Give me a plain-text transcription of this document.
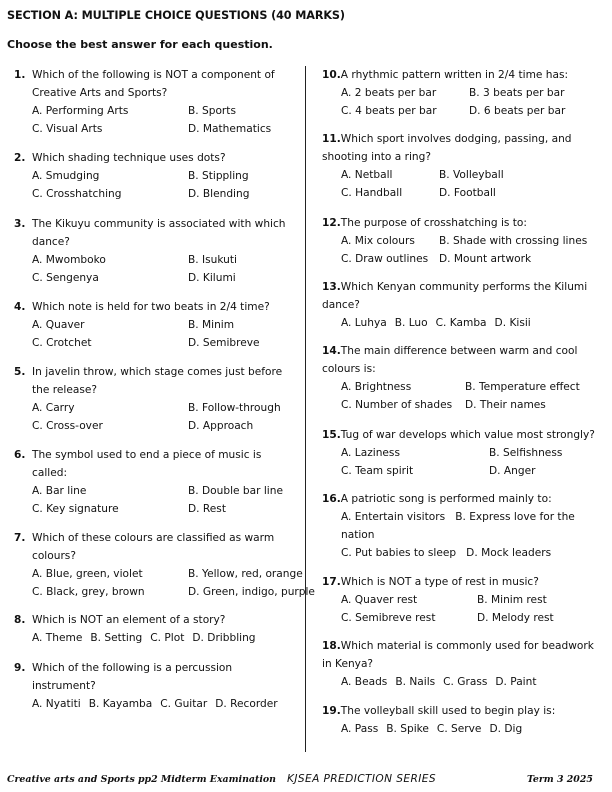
SECTION A: MULTIPLE CHOICE QUESTIONS (40 MARKS)
Choose the best answer for each question.
1. Which of the following is NOT a component of
Creative Arts and Sports?
A. Performing Arts	B. Sports
C. Visual Arts	D. Mathematics
2. Which shading technique uses dots?
A. Smudging	B. Stippling
C. Crosshatching	D. Blending
3. The Kikuyu community is associated with which
dance?
A. Mwomboko	B. Isukuti
C. Sengenya	D. Kilumi
4. Which note is held for two beats in 2/4 time?
A. Quaver	B. Minim
C. Crotchet	D. Semibreve
5. In javelin throw, which stage comes just before
the release?
A. Carry	B. Follow-through
C. Cross-over	D. Approach
6. The symbol used to end a piece of music is
called:
A. Bar line	B. Double bar line
C. Key signature	D. Rest
7. Which of these colours are classified as warm
colours?
A. Blue, green, violet	B. Yellow, red, orange
C. Black, grey, brown	D. Green, indigo, purple
8. Which is NOT an element of a story?
A. Theme B. Setting C. Plot D. Dribbling
9. Which of the following is a percussion
instrument?
A. Nyatiti B. Kayamba C. Guitar D. Recorder
10. A rhythmic pattern written in 2/4 time has:
A. 2 beats per bar	B. 3 beats per bar
C. 4 beats per bar	D. 6 beats per bar
11. Which sport involves dodging, passing, and
shooting into a ring?
A. Netball	B. Volleyball
C. Handball	D. Football
12. The purpose of crosshatching is to:
A. Mix colours B. Shade with crossing lines
C. Draw outlines D. Mount artwork
13. Which Kenyan community performs the Kilumi
dance?
A. Luhya B. Luo C. Kamba D. Kisii
14. The main difference between warm and cool
colours is:
A. Brightness	B. Temperature effect
C. Number of shades D. Their names
15. Tug of war develops which value most strongly?
A. Laziness	B. Selfishness
C. Team spirit	D. Anger
16. A patriotic song is performed mainly to:
A. Entertain visitors   B. Express love for the
nation
C. Put babies to sleep   D. Mock leaders
17. Which is NOT a type of rest in music?
A. Quaver rest	B. Minim rest
C. Semibreve rest	D. Melody rest
18. Which material is commonly used for beadwork
in Kenya?
A. Beads B. Nails C. Grass D. Paint
19. The volleyball skill used to begin play is:
A. Pass B. Spike C. Serve D. Dig
Creative arts and Sports pp2 Midterm Examination KJSEA PREDICTION SERIES	Term 3 2025
